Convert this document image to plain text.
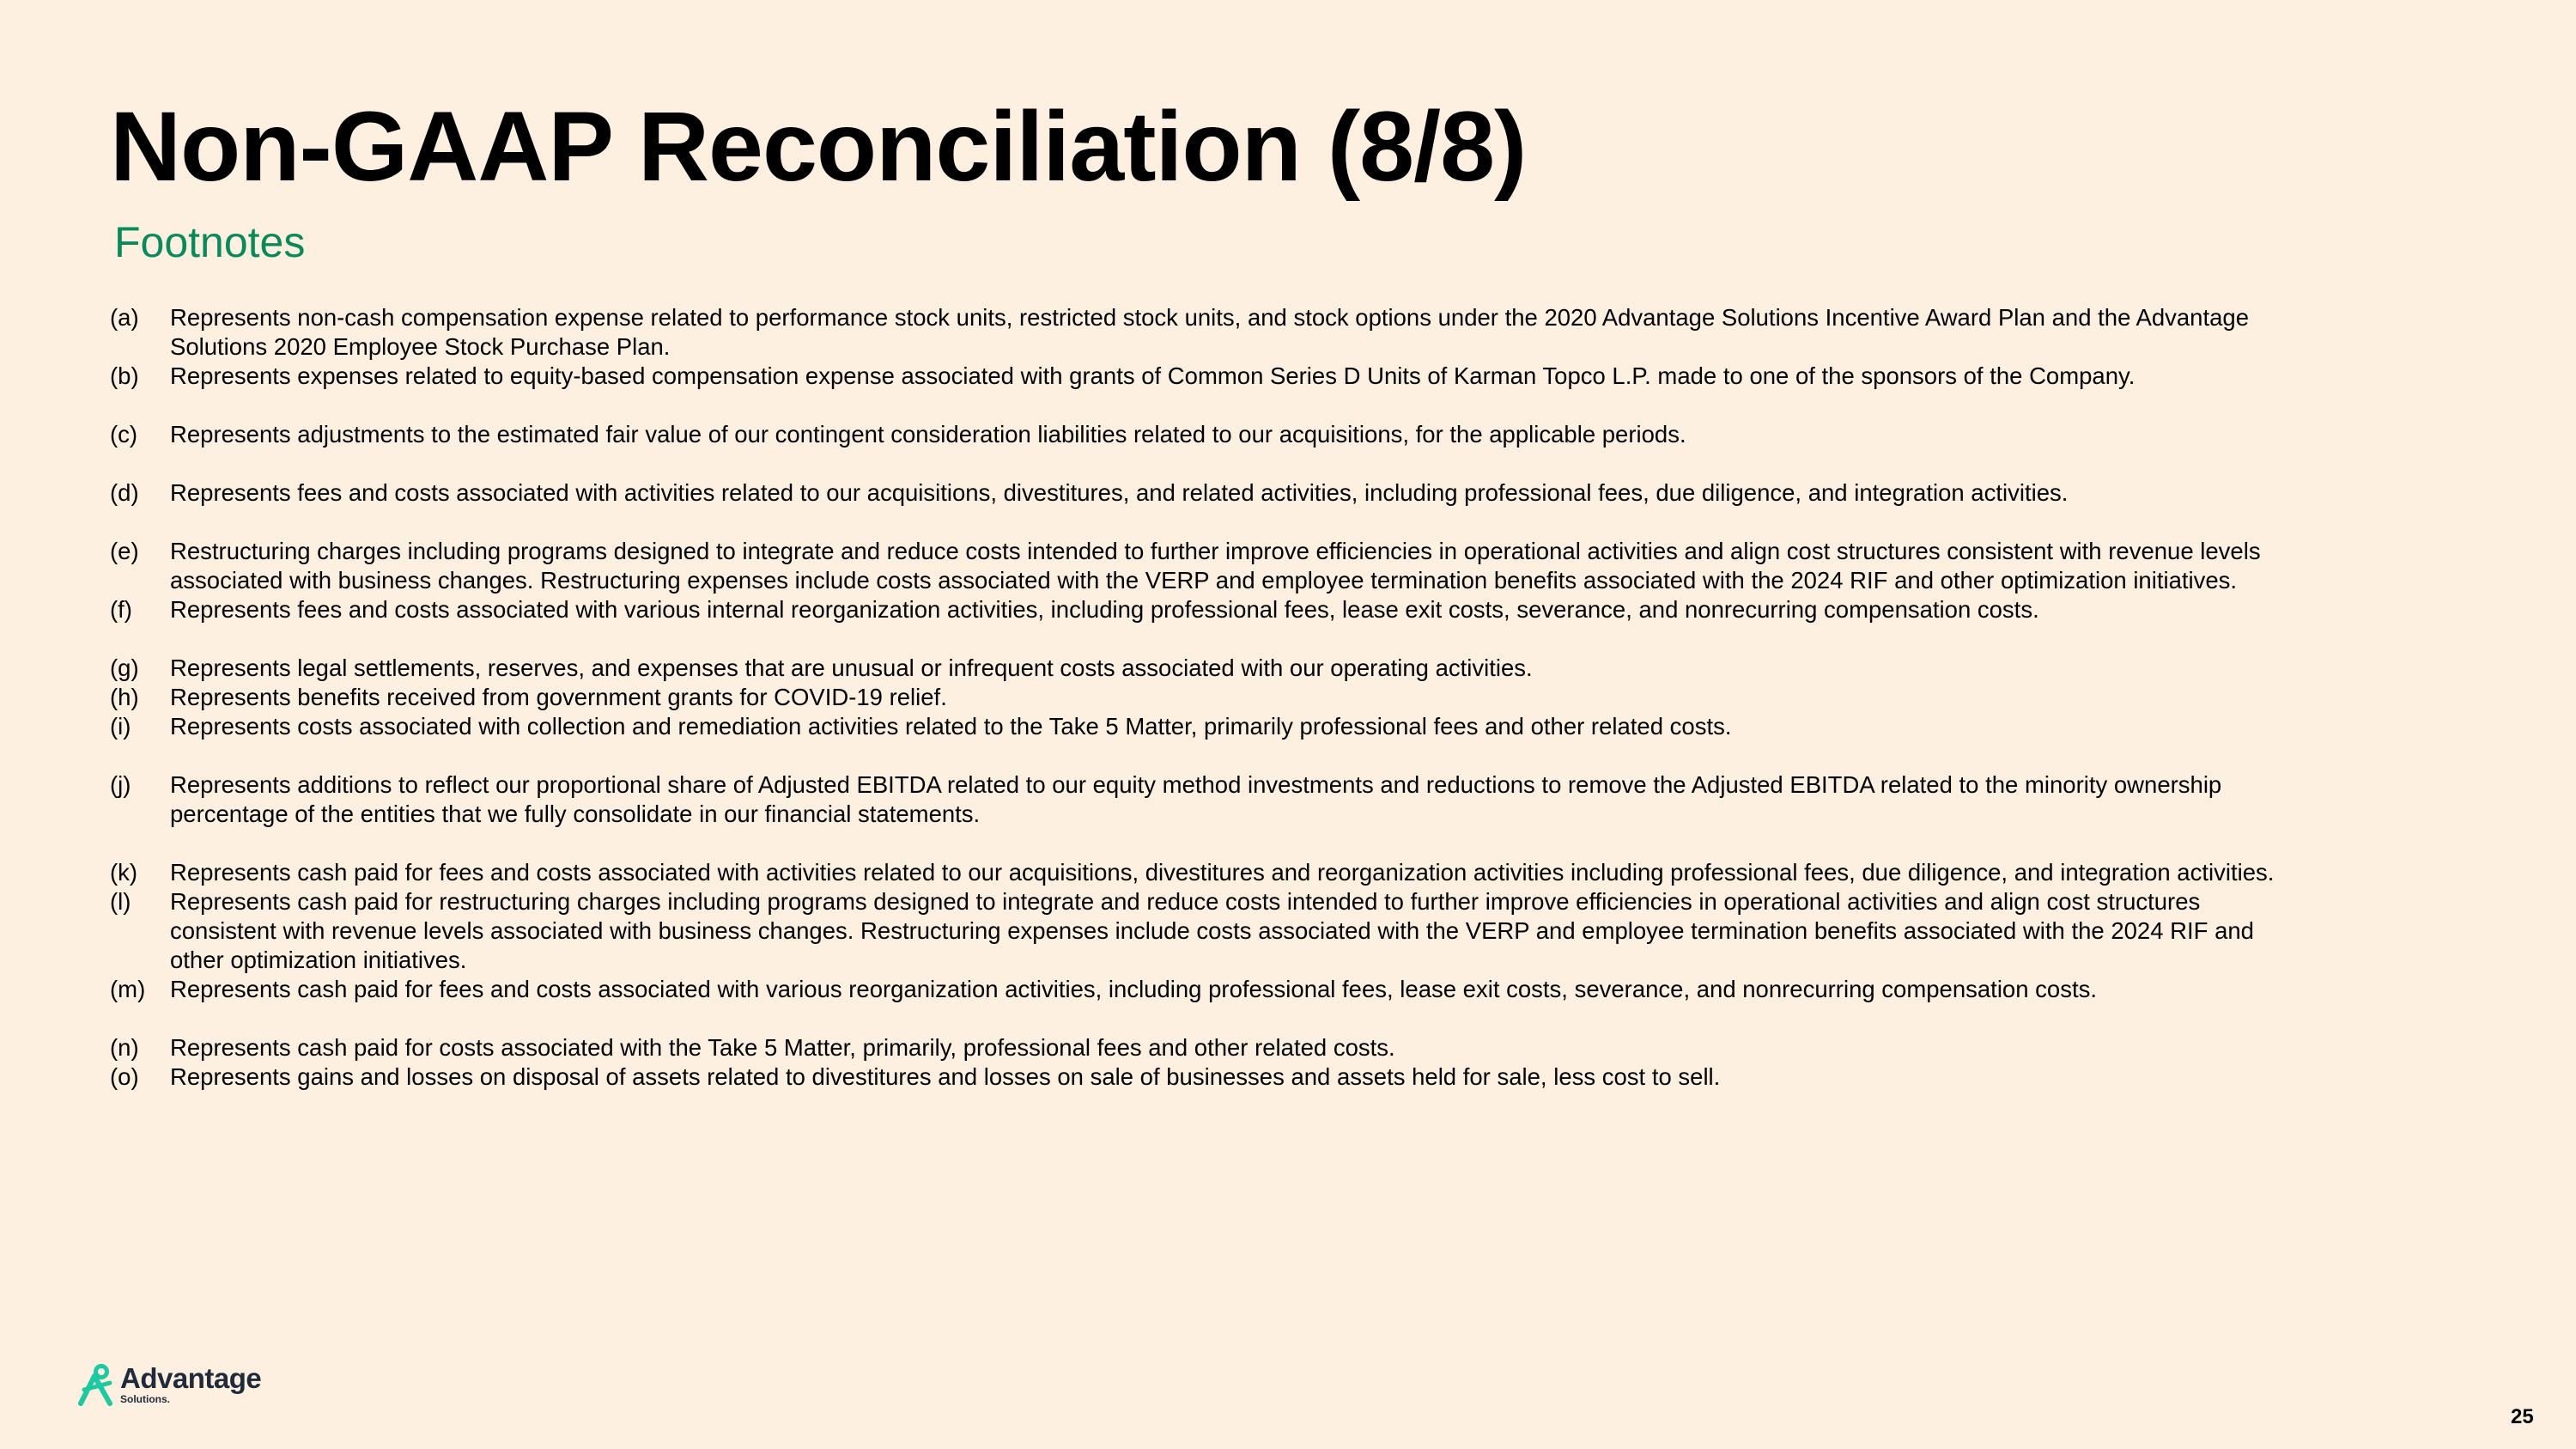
Non-GAAP Reconciliation (8/8)
Footnotes
(a)	Represents non-cash compensation expense related to performance stock units, restricted stock units, and stock options under the 2020 Advantage Solutions Incentive Award Plan and the Advantage Solutions 2020 Employee Stock Purchase Plan.
(b)	Represents expenses related to equity-based compensation expense associated with grants of Common Series D Units of Karman Topco L.P. made to one of the sponsors of the Company.
(c)	Represents adjustments to the estimated fair value of our contingent consideration liabilities related to our acquisitions, for the applicable periods.
(d)	Represents fees and costs associated with activities related to our acquisitions, divestitures, and related activities, including professional fees, due diligence, and integration activities.
(e)	Restructuring charges including programs designed to integrate and reduce costs intended to further improve efficiencies in operational activities and align cost structures consistent with revenue levels associated with business changes. Restructuring expenses include costs associated with the VERP and employee termination benefits associated with the 2024 RIF and other optimization initiatives.
(f)	Represents fees and costs associated with various internal reorganization activities, including professional fees, lease exit costs, severance, and nonrecurring compensation costs.
(g)	Represents legal settlements, reserves, and expenses that are unusual or infrequent costs associated with our operating activities.
(h)	Represents benefits received from government grants for COVID-19 relief.
(i)	Represents costs associated with collection and remediation activities related to the Take 5 Matter, primarily professional fees and other related costs.
(j)	Represents additions to reflect our proportional share of Adjusted EBITDA related to our equity method investments and reductions to remove the Adjusted EBITDA related to the minority ownership percentage of the entities that we fully consolidate in our financial statements.
(k)	Represents cash paid for fees and costs associated with activities related to our acquisitions, divestitures and reorganization activities including professional fees, due diligence, and integration activities.
(l)	Represents cash paid for restructuring charges including programs designed to integrate and reduce costs intended to further improve efficiencies in operational activities and align cost structures consistent with revenue levels associated with business changes. Restructuring expenses include costs associated with the VERP and employee termination benefits associated with the 2024 RIF and other optimization initiatives.
(m)	Represents cash paid for fees and costs associated with various reorganization activities, including professional fees, lease exit costs, severance, and nonrecurring compensation costs.
(n)	Represents cash paid for costs associated with the Take 5 Matter, primarily, professional fees and other related costs.
(o)	Represents gains and losses on disposal of assets related to divestitures and losses on sale of businesses and assets held for sale, less cost to sell.
Advantage
Solutions.
25
